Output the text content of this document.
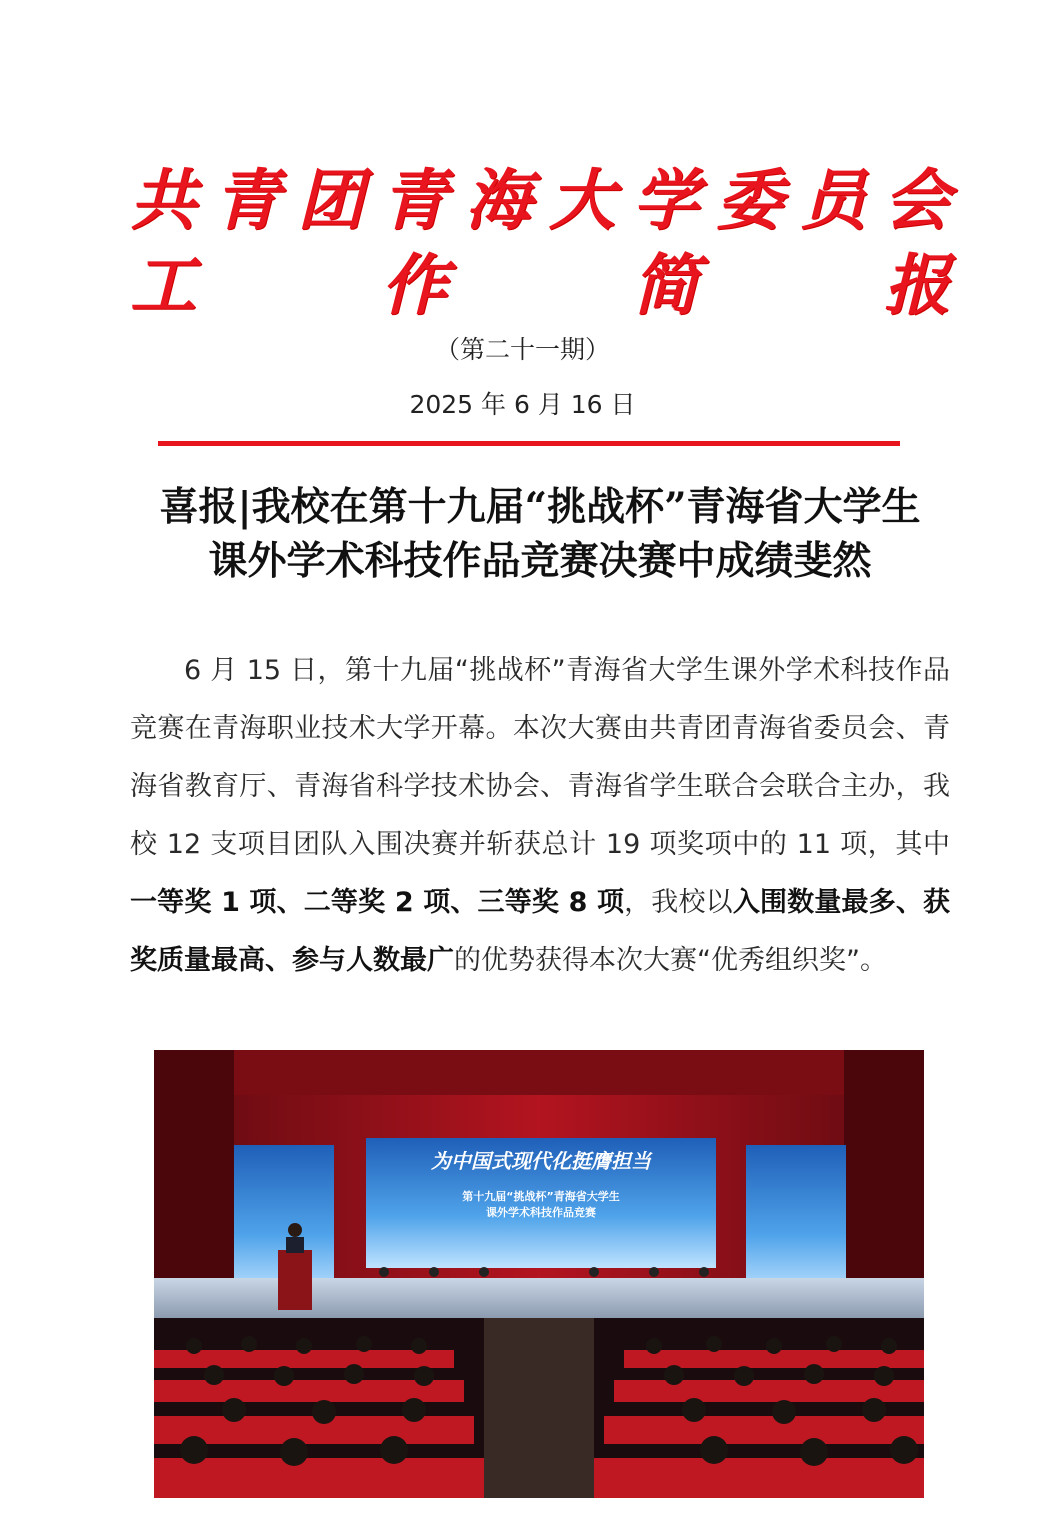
共 青 团 青 海 大 学 委 员 会
工	作	简	报
（第二十一期）
2025 年 6 月 16 日
喜报|我校在第十九届“挑战杯”青海省大学生
课外学术科技作品竞赛决赛中成绩斐然

6 月 15 日，第十九届“挑战杯”青海省大学生课外学术科技作品竞赛在青海职业技术大学开幕。本次大赛由共青团青海省委员会、青海省教育厅、青海省科学技术协会、青海省学生联合会联合主办，我校 12 支项目团队入围决赛并斩获总计 19 项奖项中的 11 项，其中一等奖 1 项、二等奖 2 项、三等奖 8 项，我校以入围数量最多、获奖质量最高、参与人数最广的优势获得本次大赛“优秀组织奖”。

为中国式现代化挺膺担当
第十九届“挑战杯”青海省大学生
课外学术科技作品竞赛
